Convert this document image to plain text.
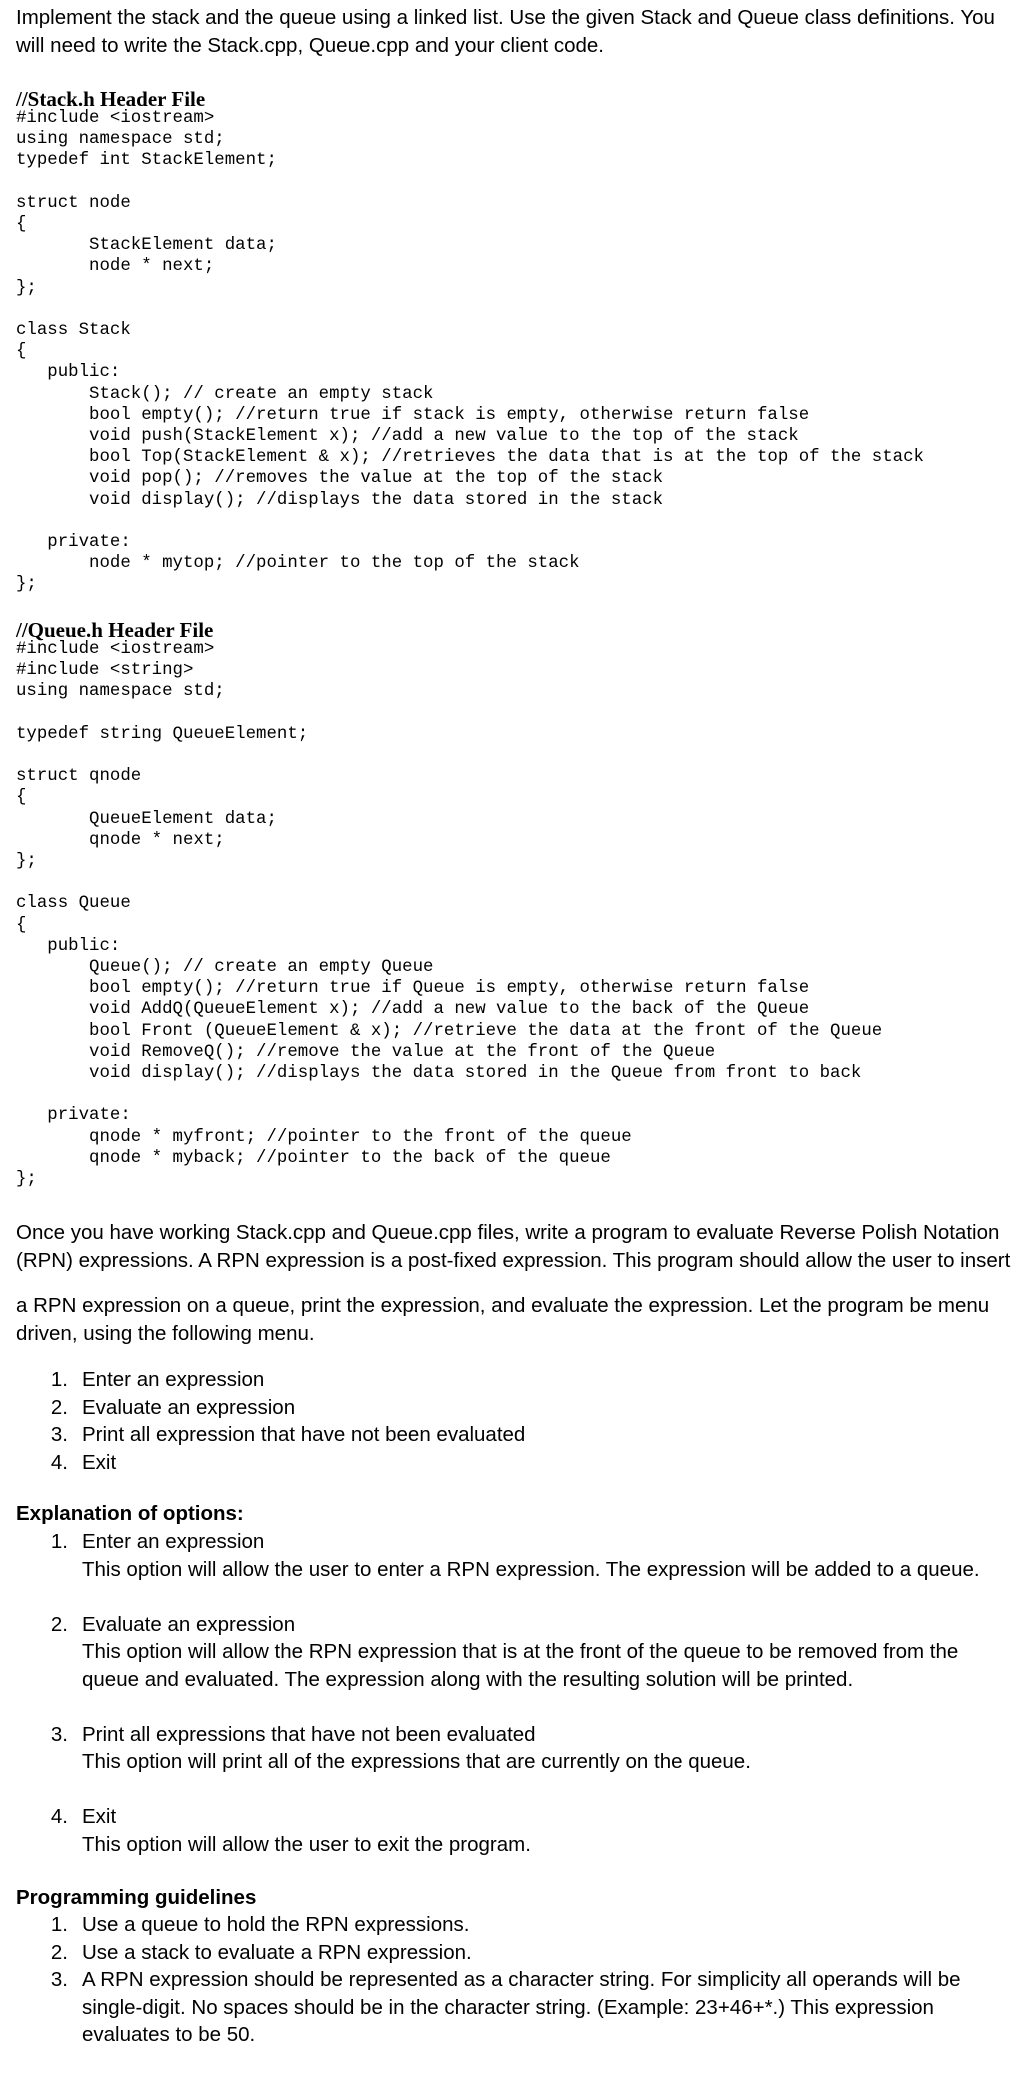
Implement the stack and the queue using a linked list. Use the given Stack and Queue class definitions. You will need to write the Stack.cpp, Queue.cpp and your client code.

//Stack.h Header File

#include <iostream>
using namespace std;
typedef int StackElement;

struct node
{
StackElement data;
node * next;
};

class Stack
{
public:
Stack(); // create an empty stack
bool empty(); //return true if stack is empty, otherwise return false
void push(StackElement x); //add a new value to the top of the stack
bool Top(StackElement & x); //retrieves the data that is at the top of the stack
void pop(); //removes the value at the top of the stack
void display(); //displays the data stored in the stack

private:
node * mytop; //pointer to the top of the stack
};

//Queue.h Header File

#include <iostream>
#include <string>
using namespace std;

typedef string QueueElement;

struct qnode
{
QueueElement data;
qnode * next;
};

class Queue
{
public:
Queue(); // create an empty Queue
bool empty(); //return true if Queue is empty, otherwise return false
void AddQ(QueueElement x); //add a new value to the back of the Queue
bool Front (QueueElement & x); //retrieve the data at the front of the Queue
void RemoveQ(); //remove the value at the front of the Queue
void display(); //displays the data stored in the Queue from front to back

private:
qnode * myfront; //pointer to the front of the queue
qnode * myback; //pointer to the back of the queue
};

Once you have working Stack.cpp and Queue.cpp files, write a program to evaluate Reverse Polish Notation (RPN) expressions. A RPN expression is a post-fixed expression. This program should allow the user to insert

a RPN expression on a queue, print the expression, and evaluate the expression. Let the program be menu driven, using the following menu.

1. Enter an expression
2. Evaluate an expression
3. Print all expression that have not been evaluated
4. Exit

Explanation of options:

1. Enter an expression
This option will allow the user to enter a RPN expression. The expression will be added to a queue.
2. Evaluate an expression
This option will allow the RPN expression that is at the front of the queue to be removed from the queue and evaluated. The expression along with the resulting solution will be printed.
3. Print all expressions that have not been evaluated
This option will print all of the expressions that are currently on the queue.
4. Exit
This option will allow the user to exit the program.

Programming guidelines

1. Use a queue to hold the RPN expressions.
2. Use a stack to evaluate a RPN expression.
3. A RPN expression should be represented as a character string. For simplicity all operands will be single-digit. No spaces should be in the character string. (Example: 23+46+*.) This expression evaluates to be 50.
